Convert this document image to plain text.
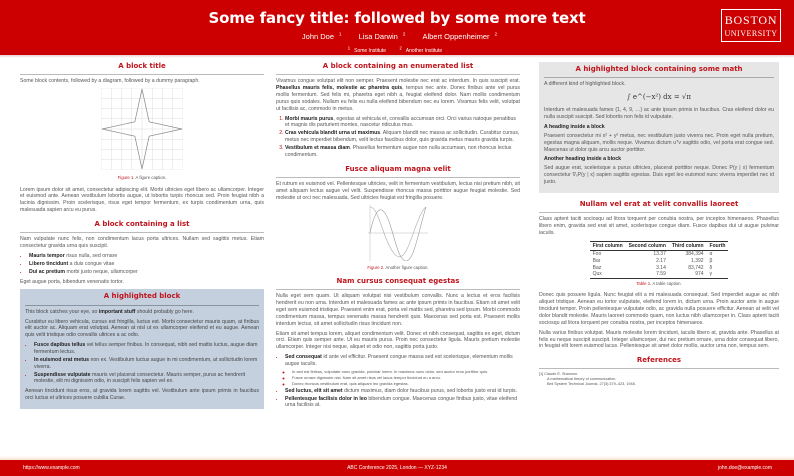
Some fancy title: followed by some more text
John Doe $^1$ Lisa Darwin $^2$ Albert Oppenheimer $^2$
$^1$Some Institute $^2$Another Institute
BOSTON
UNIVERSITY
A block title

Some block contents, followed by a diagram, followed by a dummy paragraph.

Figure 1. A figure caption.

Lorem ipsum dolor sit amet, consectetur adipiscing elit. Morbi ultricies eget libero ac ullamcorper. Integer et euismod ante. Aenean vestibulum lobortis augue, ut lobortis turpis rhoncus sed. Proin feugiat nibh a lacinia dignissim. Proin scelerisque, risus eget tempor fermentum, ex turpis condimentum urna, quis malesuada sapien arcu eu purus.

A block containing a list

Nam vulputate nunc felis, non condimentum lacus porta ultrices. Nullam sed sagittis metus. Etiam consectetur gravida urna quis suscipit.

• Mauris tempor risus nulla, sed ornare
• Libero tincidunt a duis congue vitae
• Dui ac pretium morbi justo neque, ullamcorper

Eget augue porta, bibendum venenatis tortor.

A highlighted block

This block catches your eye, so important stuff should probably go here.

Curabitur eu libero vehicula, cursus est fringilla, luctus est. Morbi consectetur mauris quam, at finibus elit auctor ac. Aliquam erat volutpat. Aenean at nisl ut ex ullamcorper eleifend et eu augue. Aenean quis velit tristique odio convallis ultrices a ac odio.

• Fusce dapibus tellus vel tellus semper finibus. In consequat, nibh sed mattis luctus, augue diam fermentum lectus.
• In euismod erat metus non ex. Vestibulum luctus augue in mi condimentum, at sollicitudin lorem viverra.
• Suspendisse vulputate mauris vel placerat consectetur. Mauris semper, purus ac hendrerit molestie, elit mi dignissim odio, in suscipit felis sapien vel ex.

Aenean tincidunt risus eros, at gravida lorem sagittis vel. Vestibulum ante ipsum primis in faucibus orci luctus et ultrices posuere cubilia Curae.

A block containing an enumerated list

Vivamus congue volutpat elit non semper. Praesent molestie nec erat ac interdum. In quis suscipit erat. Phasellus mauris felis, molestie ac pharetra quis, tempus nec ante. Donec finibus ante vel purus mollis fermentum. Sed felis mi, pharetra eget nibh a, feugiat eleifend dolor. Nam mollis condimentum purus quis sodales. Nullam eu felis eu nulla eleifend bibendum nec eu lorem. Vivamus felis velit, volutpat ut facilisis ac, commodo in metus.

1. Morbi mauris purus, egestas at vehicula et, convallis accumsan orci. Orci varius natoque penatibus et magnis dis parturient montes, nascetur ridiculus mus.
2. Cras vehicula blandit urna ut maximus. Aliquam blandit nec massa ac sollicitudin. Curabitur cursus, metus nec imperdiet bibendum, velit lectus faucibus dolor, quis gravida metus mauris gravida turpis.
3. Vestibulum et massa diam. Phasellus fermentum augue non nulla accumsan, non rhoncus lectus condimentum.
Fusce aliquam magna velit

Et rutrum ex euismod vel. Pellentesque ultricies, velit in fermentum vestibulum, lectus nisi pretium nibh, sit amet aliquam lectus augue vel velit. Suspendisse rhoncus massa porttitor augue feugiat molestie. Sed molestie ut orci nec malesuada. Sed ultricies feugiat est fringilla posuere.

Figure 2. Another figure caption.
Nam cursus consequat egestas

Nulla eget sem quam. Ut aliquam volutpat nisi vestibulum convallis. Nunc a lectus et eros facilisis hendrerit eu non urna. Interdum et malesuada fames ac ante ipsum primis in faucibus. Etiam sit amet velit eget sem euismod tristique. Praesent enim erat, porta vel mattis sed, pharetra sed ipsum. Morbi commodo condimentum massa, tempus venenatis massa hendrerit quis. Maecenas sed porta est. Praesent mollis interdum lectus, sit amet sollicitudin risus tincidunt non.

Etiam sit amet tempus lorem, aliquet condimentum velit. Donec et nibh consequat, sagittis ex eget, dictum orci. Etiam quis semper ante. Ut eu mauris purus. Proin nec consectetur ligula. Mauris pretium molestie ullamcorper. Integer nisi neque, aliquet et odio non, sagittis porta justo.

• Sed consequat id ante vel efficitur. Praesent congue massa sed est scelerisque, elementum mollis augue iaculis.
◦ In sed est finibus, vulputate nunc gravida, pulvinar lorem. In maximus nunc dolor, sed auctor eros porttitor quis.
◦ Fusce ornare dignissim nisi. Nam sit amet risus vel lacus tempor tincidunt eu a arcu.
◦ Donec rhoncus vestibulum erat, quis aliquam leo gravida egestas.
• Sed luctus, elit sit amet dictum maximus, diam dolor faucibus purus, sed lobortis justo erat id turpis.
• Pellentesque facilisis dolor in leo bibendum congue. Maecenas congue finibus justo, vitae eleifend urna facilisis at.
A highlighted block containing some math

A different kind of highlighted block.

∫ e^(−x²) dx = √π

Interdum et malesuada fames {1, 4, 9, …} ac ante ipsum primis in faucibus. Cras eleifend dolor eu nulla suscipit suscipit. Sed lobortis non felis id vulputate.

A heading inside a block

Praesent consectetur mi x² + y² metus, nec vestibulum justo viverra nec. Proin eget nulla pretium, egestas magna aliquam, mollis neque. Vivamus dictum uᵀv sagittis odio, vel porta erat congue sed. Maecenas ut dolor quis arcu auctor porttitor.

Another heading inside a block

Sed augue erat, scelerisque a purus ultricies, placerat porttitor neque. Donec P(y | x) fermentum consectetur ∇ₓP(y | x) sapien sagittis egestas. Duis eget leo euismod nunc viverra imperdiet nec id justo.

Nullam vel erat at velit convallis laoreet

Class aptent taciti sociosqu ad litora torquent per conubia nostra, per inceptos himenaeos. Phasellus libero enim, gravida sed erat sit amet, scelerisque congue diam. Fusce dapibus dui ut augue pulvinar iaculis.

First column	Second column	Third column	Fourth
Foo	13.37	384,394	α
Bar	2.17	1,392	β
Baz	3.14	83,742	δ
Qux	7.59	974	γ
Table 1. A table caption.

Donec quis posuere ligula. Nunc feugiat elit a mi malesuada consequat. Sed imperdiet augue ac nibh aliquet tristique. Aenean eu tortor vulputate, eleifend lorem in, dictum urna. Proin auctor ante in augue tincidunt tempor. Proin pellentesque vulputate odio, ac gravida nulla posuere efficitur. Aenean at velit vel dolor blandit molestie. Mauris laoreet commodo quam, non luctus nibh ullamcorper in. Class aptent taciti sociosqu ad litora torquent per conubia nostra, per inceptos himenaeos.

Nulla varius finibus volutpat. Mauris molestie lorem tincidunt, iaculis libero at, gravida ante. Phasellus at felis eu neque suscipit suscipit. Integer ullamcorper, dui nec pretium ornare, urna dolor consequat libero, in feugiat elit lorem euismod lacus. Pellentesque sit amet dolor mollis, auctor urna non, tempus sem.

References
[1] Claude E. Shannon.
A mathematical theory of communication.
Bell System Technical Journal, 27(3):379–423, 1948.
https://www.example.com	ABC Conference 2025, London — XYZ-1234	john.doe@example.com
